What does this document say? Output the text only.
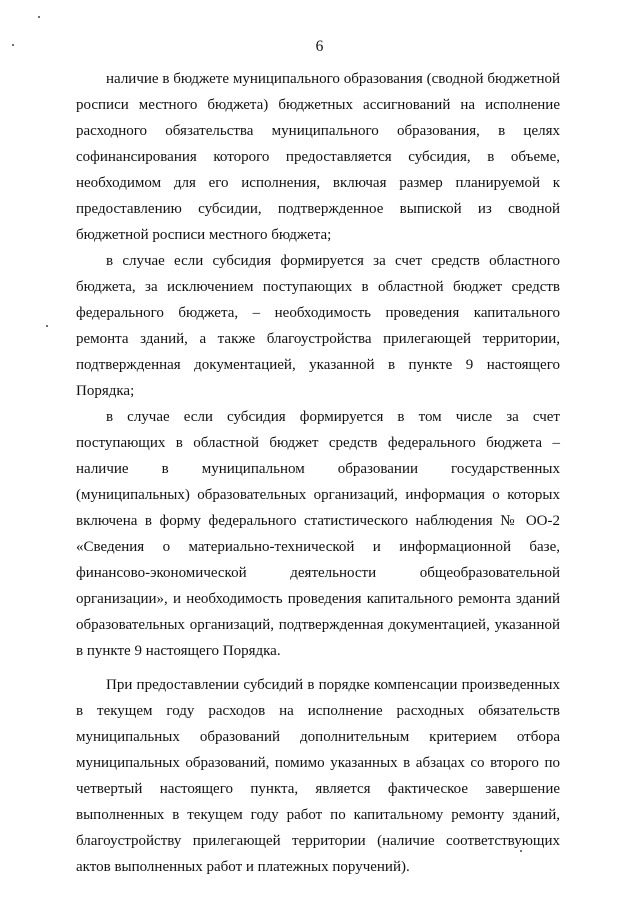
6

наличие в бюджете муниципального образования (сводной бюджетной росписи местного бюджета) бюджетных ассигнований на исполнение расходного обязательства муниципального образования, в целях софинансирования которого предоставляется субсидия, в объеме, необходимом для его исполнения, включая размер планируемой к предоставлению субсидии, подтвержденное выпиской из сводной бюджетной росписи местного бюджета;

в случае если субсидия формируется за счет средств областного бюджета, за исключением поступающих в областной бюджет средств федерального бюджета, – необходимость проведения капитального ремонта зданий, а также благоустройства прилегающей территории, подтвержденная документацией, указанной в пункте 9 настоящего Порядка;

в случае если субсидия формируется в том числе за счет поступающих в областной бюджет средств федерального бюджета – наличие в муниципальном образовании государственных (муниципальных) образовательных организаций, информация о которых включена в форму федерального статистического наблюдения № ОО-2 «Сведения о материально-технической и информационной базе, финансово-экономической деятельности общеобразовательной организации», и необходимость проведения капитального ремонта зданий образовательных организаций, подтвержденная документацией, указанной в пункте 9 настоящего Порядка.

При предоставлении субсидий в порядке компенсации произведенных в текущем году расходов на исполнение расходных обязательств муниципальных образований дополнительным критерием отбора муниципальных образований, помимо указанных в абзацах со второго по четвертый настоящего пункта, является фактическое завершение выполненных в текущем году работ по капитальному ремонту зданий, благоустройству прилегающей территории (наличие соответствующих актов выполненных работ и платежных поручений).
